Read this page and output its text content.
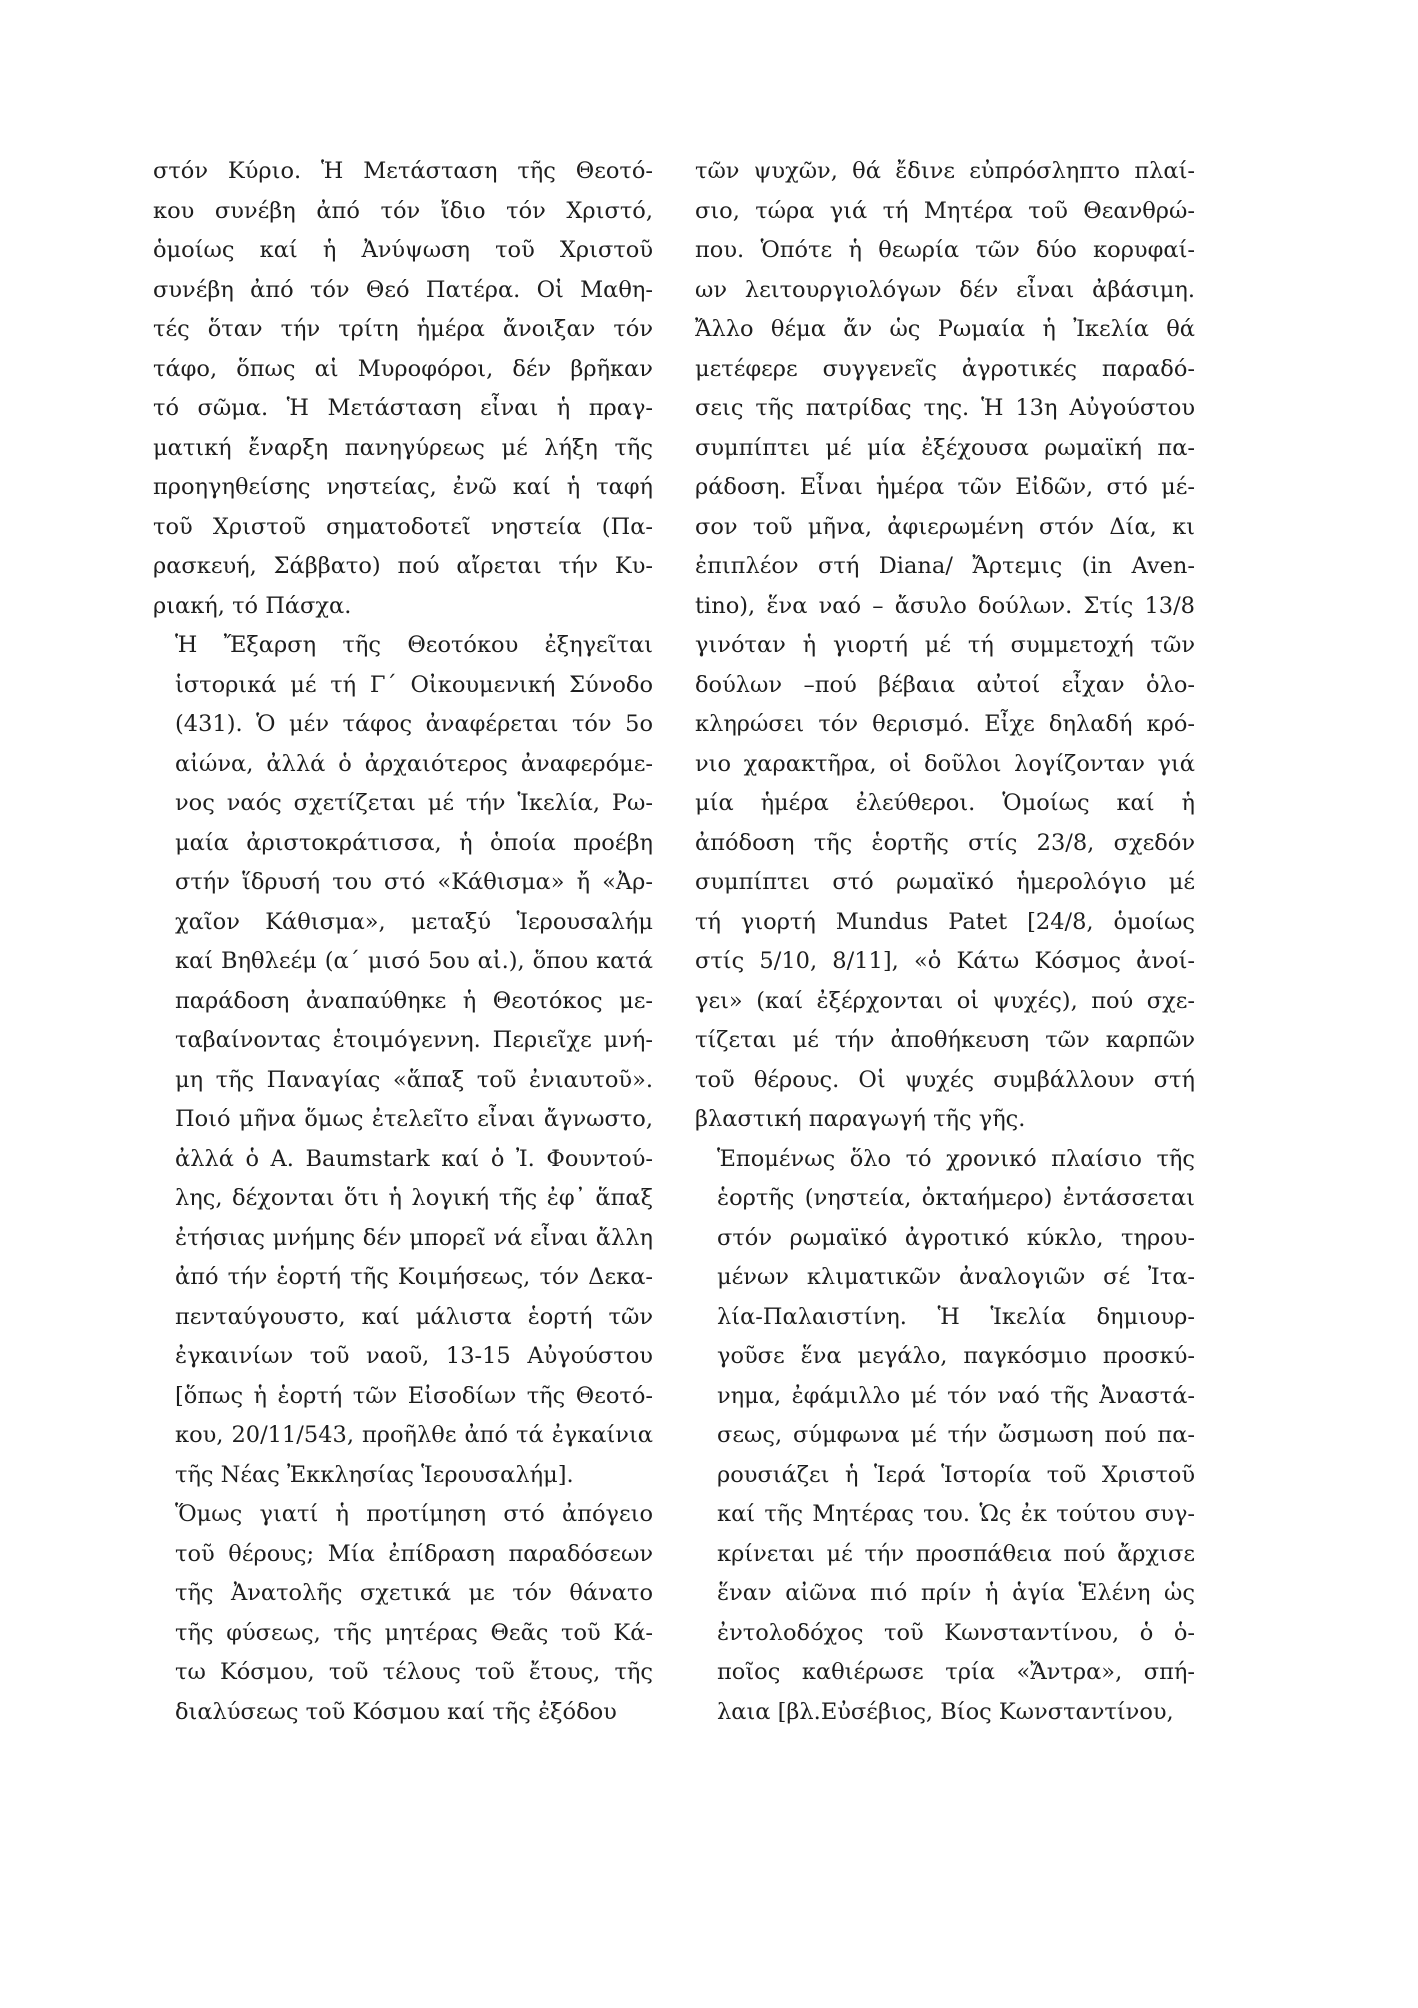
στόν Κύριο. Ἡ Μετάσταση τῆς Θεοτό-
κου συνέβη ἀπό τόν ἴδιο τόν Χριστό,
ὁμοίως καί ἡ Ἀνύψωση τοῦ Χριστοῦ
συνέβη ἀπό τόν Θεό Πατέρα. Οἱ Μαθη-
τές ὅταν τήν τρίτη ἡμέρα ἄνοιξαν τόν
τάφο, ὅπως αἱ Μυροφόροι, δέν βρῆκαν
τό σῶμα. Ἡ Μετάσταση εἶναι ἡ πραγ-
ματική ἔναρξη πανηγύρεως μέ λήξη τῆς
προηγηθείσης νηστείας, ἐνῶ καί ἡ ταφή
τοῦ Χριστοῦ σηματοδοτεῖ νηστεία (Πα-
ρασκευή, Σάββατο) πού αἴρεται τήν Κυ-
ριακή, τό Πάσχα.

Ἡ Ἔξαρση τῆς Θεοτόκου ἐξηγεῖται
ἱστορικά μέ τή Γ΄ Οἰκουμενική Σύνοδο
(431). Ὁ μέν τάφος ἀναφέρεται τόν 5ο
αἰώνα, ἀλλά ὁ ἀρχαιότερος ἀναφερόμε-
νος ναός σχετίζεται μέ τήν Ἱκελία, Ρω-
μαία ἀριστοκράτισσα, ἡ ὁποία προέβη
στήν ἵδρυσή του στό «Κάθισμα» ἤ «Ἀρ-
χαῖον Κάθισμα», μεταξύ Ἱερουσαλήμ
καί Βηθλεέμ (α΄ μισό 5ου αἰ.), ὅπου κατά
παράδοση ἀναπαύθηκε ἡ Θεοτόκος με-
ταβαίνοντας ἑτοιμόγεννη. Περιεῖχε μνή-
μη τῆς Παναγίας «ἅπαξ τοῦ ἐνιαυτοῦ».
Ποιό μῆνα ὅμως ἐτελεῖτο εἶναι ἄγνωστο,
ἀλλά ὁ Α. Baumstark καί ὁ Ἰ. Φουντού-
λης, δέχονται ὅτι ἡ λογική τῆς ἐφ᾽ ἅπαξ
ἐτήσιας μνήμης δέν μπορεῖ νά εἶναι ἄλλη
ἀπό τήν ἑορτή τῆς Κοιμήσεως, τόν Δεκα-
πενταύγουστο, καί μάλιστα ἑορτή τῶν
ἐγκαινίων τοῦ ναοῦ, 13-15 Αὐγούστου
[ὅπως ἡ ἑορτή τῶν Εἰσοδίων τῆς Θεοτό-
κου, 20/11/543, προῆλθε ἀπό τά ἐγκαίνια
τῆς Νέας Ἐκκλησίας Ἱερουσαλήμ].

Ὅμως γιατί ἡ προτίμηση στό ἀπόγειο
τοῦ θέρους; Μία ἐπίδραση παραδόσεων
τῆς Ἀνατολῆς σχετικά με τόν θάνατο
τῆς φύσεως, τῆς μητέρας Θεᾶς τοῦ Κά-
τω Κόσμου, τοῦ τέλους τοῦ ἔτους, τῆς
διαλύσεως τοῦ Κόσμου καί τῆς ἐξόδου

τῶν ψυχῶν, θά ἔδινε εὐπρόσληπτο πλαί-
σιο, τώρα γιά τή Μητέρα τοῦ Θεανθρώ-
που. Ὁπότε ἡ θεωρία τῶν δύο κορυφαί-
ων λειτουργιολόγων δέν εἶναι ἀβάσιμη.
Ἄλλο θέμα ἄν ὡς Ρωμαία ἡ Ἰκελία θά
μετέφερε συγγενεῖς ἀγροτικές παραδό-
σεις τῆς πατρίδας της. Ἡ 13η Αὐγούστου
συμπίπτει μέ μία ἐξέχουσα ρωμαϊκή πα-
ράδοση. Εἶναι ἡμέρα τῶν Εἰδῶν, στό μέ-
σον τοῦ μῆνα, ἀφιερωμένη στόν Δία, κι
ἐπιπλέον στή Diana/ Ἄρτεμις (in Aven-
tino), ἕνα ναό – ἄσυλο δούλων. Στίς 13/8
γινόταν ἡ γιορτή μέ τή συμμετοχή τῶν
δούλων –πού βέβαια αὐτοί εἶχαν ὁλο-
κληρώσει τόν θερισμό. Εἶχε δηλαδή κρό-
νιο χαρακτῆρα, οἱ δοῦλοι λογίζονταν γιά
μία ἡμέρα ἐλεύθεροι. Ὁμοίως καί ἡ
ἀπόδοση τῆς ἑορτῆς στίς 23/8, σχεδόν
συμπίπτει στό ρωμαϊκό ἡμερολόγιο μέ
τή γιορτή Mundus Patet [24/8, ὁμοίως
στίς 5/10, 8/11], «ὁ Κάτω Κόσμος ἀνοί-
γει» (καί ἐξέρχονται οἱ ψυχές), πού σχε-
τίζεται μέ τήν ἀποθήκευση τῶν καρπῶν
τοῦ θέρους. Οἱ ψυχές συμβάλλουν στή
βλαστική παραγωγή τῆς γῆς.

Ἑπομένως ὅλο τό χρονικό πλαίσιο τῆς
ἑορτῆς (νηστεία, ὀκταήμερο) ἐντάσσεται
στόν ρωμαϊκό ἀγροτικό κύκλο, τηρου-
μένων κλιματικῶν ἀναλογιῶν σέ Ἰτα-
λία-Παλαιστίνη. Ἡ Ἱκελία δημιουρ-
γοῦσε ἕνα μεγάλο, παγκόσμιο προσκύ-
νημα, ἐφάμιλλο μέ τόν ναό τῆς Ἀναστά-
σεως, σύμφωνα μέ τήν ὤσμωση πού πα-
ρουσιάζει ἡ Ἱερά Ἱστορία τοῦ Χριστοῦ
καί τῆς Μητέρας του. Ὡς ἐκ τούτου συγ-
κρίνεται μέ τήν προσπάθεια πού ἄρχισε
ἕναν αἰῶνα πιό πρίν ἡ ἁγία Ἑλένη ὡς
ἐντολοδόχος τοῦ Κωνσταντίνου, ὁ ὁ-
ποῖος καθιέρωσε τρία «Ἄντρα», σπή-
λαια [βλ.Εὐσέβιος, Βίος Κωνσταντίνου,
